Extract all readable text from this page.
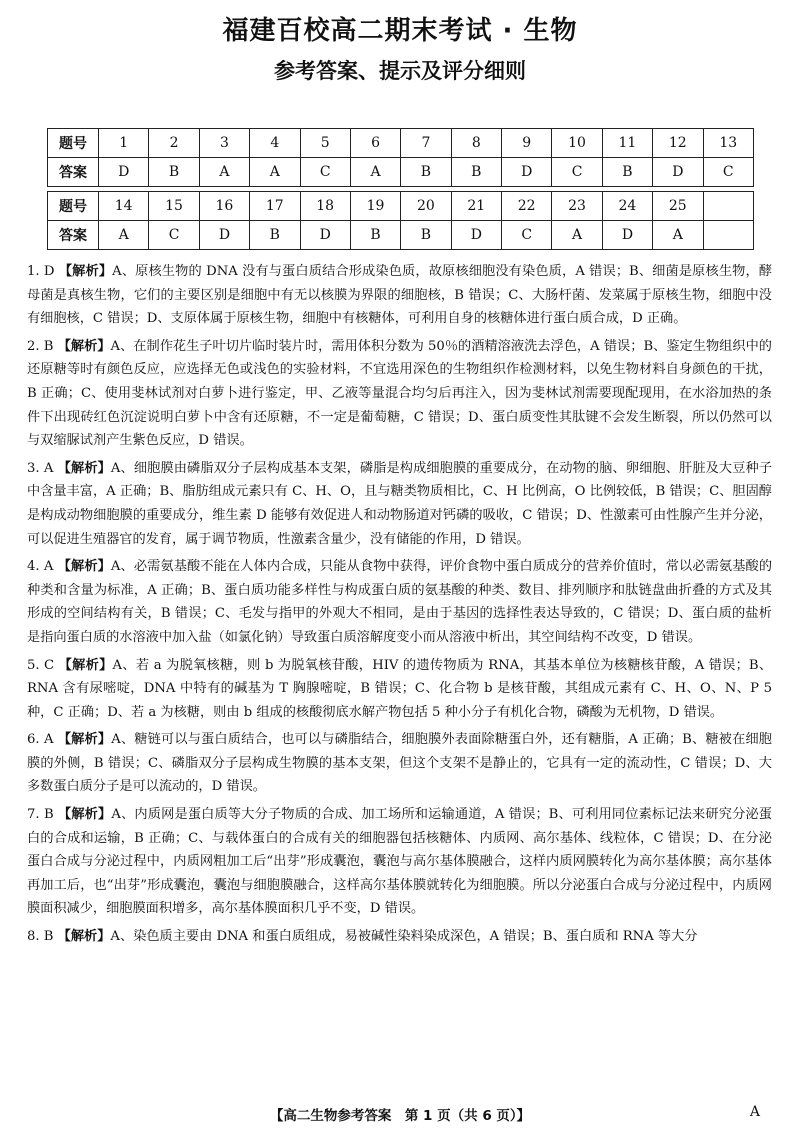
福建百校高二期末考试 · 生物
参考答案、提示及评分细则
题号	1	2	3	4	5	6	7	8	9	10	11	12	13
答案	D	B	A	A	C	A	B	B	D	C	B	D	C

题号	14	15	16	17	18	19	20	21	22	23	24	25	
答案	A	C	D	B	D	B	B	D	C	A	D	A	
1. D 【解析】A、原核生物的 DNA 没有与蛋白质结合形成染色质，故原核细胞没有染色质，A 错误；B、细菌是原核生物，酵母菌是真核生物，它们的主要区别是细胞中有无以核膜为界限的细胞核，B 错误；C、大肠杆菌、发菜属于原核生物，细胞中没有细胞核，C 错误；D、支原体属于原核生物，细胞中有核糖体，可利用自身的核糖体进行蛋白质合成，D 正确。
2. B 【解析】A、在制作花生子叶切片临时装片时，需用体积分数为 50％的酒精溶液洗去浮色，A 错误；B、鉴定生物组织中的还原糖等时有颜色反应，应选择无色或浅色的实验材料，不宜选用深色的生物组织作检测材料，以免生物材料自身颜色的干扰，B 正确；C、使用斐林试剂对白萝卜进行鉴定，甲、乙液等量混合均匀后再注入，因为斐林试剂需要现配现用，在水浴加热的条件下出现砖红色沉淀说明白萝卜中含有还原糖，不一定是葡萄糖，C 错误；D、蛋白质变性其肽键不会发生断裂，所以仍然可以与双缩脲试剂产生紫色反应，D 错误。
3. A 【解析】A、细胞膜由磷脂双分子层构成基本支架，磷脂是构成细胞膜的重要成分，在动物的脑、卵细胞、肝脏及大豆种子中含量丰富，A 正确；B、脂肪组成元素只有 C、H、O，且与糖类物质相比，C、H 比例高，O 比例较低，B 错误；C、胆固醇是构成动物细胞膜的重要成分，维生素 D 能够有效促进人和动物肠道对钙磷的吸收，C 错误；D、性激素可由性腺产生并分泌，可以促进生殖器官的发育，属于调节物质，性激素含量少，没有储能的作用，D 错误。
4. A 【解析】A、必需氨基酸不能在人体内合成，只能从食物中获得，评价食物中蛋白质成分的营养价值时，常以必需氨基酸的种类和含量为标准，A 正确；B、蛋白质功能多样性与构成蛋白质的氨基酸的种类、数目、排列顺序和肽链盘曲折叠的方式及其形成的空间结构有关，B 错误；C、毛发与指甲的外观大不相同，是由于基因的选择性表达导致的，C 错误；D、蛋白质的盐析是指向蛋白质的水溶液中加入盐（如氯化钠）导致蛋白质溶解度变小而从溶液中析出，其空间结构不改变，D 错误。
5. C 【解析】A、若 a 为脱氧核糖，则 b 为脱氧核苷酸，HIV 的遗传物质为 RNA，其基本单位为核糖核苷酸，A 错误；B、RNA 含有尿嘧啶，DNA 中特有的碱基为 T 胸腺嘧啶，B 错误；C、化合物 b 是核苷酸，其组成元素有 C、H、O、N、P 5 种，C 正确；D、若 a 为核糖，则由 b 组成的核酸彻底水解产物包括 5 种小分子有机化合物，磷酸为无机物，D 错误。
6. A 【解析】A、糖链可以与蛋白质结合，也可以与磷脂结合，细胞膜外表面除糖蛋白外，还有糖脂，A 正确；B、糖被在细胞膜的外侧，B 错误；C、磷脂双分子层构成生物膜的基本支架，但这个支架不是静止的，它具有一定的流动性，C 错误；D、大多数蛋白质分子是可以流动的，D 错误。
7. B 【解析】A、内质网是蛋白质等大分子物质的合成、加工场所和运输通道，A 错误；B、可利用同位素标记法来研究分泌蛋白的合成和运输，B 正确；C、与载体蛋白的合成有关的细胞器包括核糖体、内质网、高尔基体、线粒体，C 错误；D、在分泌蛋白合成与分泌过程中，内质网粗加工后“出芽”形成囊泡，囊泡与高尔基体膜融合，这样内质网膜转化为高尔基体膜；高尔基体再加工后，也“出芽”形成囊泡，囊泡与细胞膜融合，这样高尔基体膜就转化为细胞膜。所以分泌蛋白合成与分泌过程中，内质网膜面积减少，细胞膜面积增多，高尔基体膜面积几乎不变，D 错误。
8. B 【解析】A、染色质主要由 DNA 和蛋白质组成，易被碱性染料染成深色，A 错误；B、蛋白质和 RNA 等大分
【高二生物参考答案　第 1 页（共 6 页）】	A
